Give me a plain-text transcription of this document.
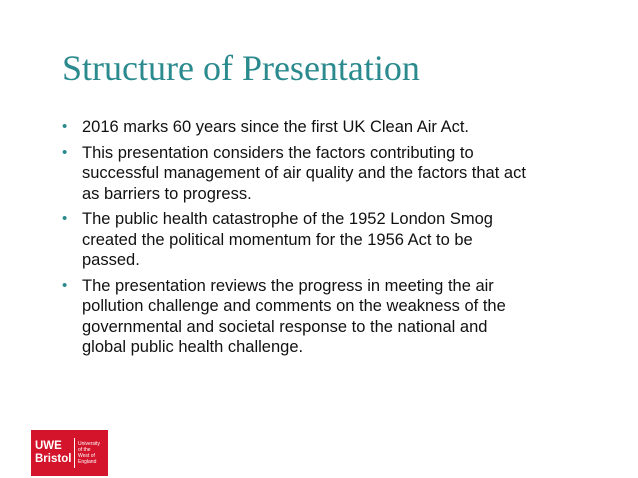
Structure of Presentation
• 2016 marks 60 years since the first UK Clean Air Act.
• This presentation considers the factors contributing to successful management of air quality and the factors that act as barriers to progress.
• The public health catastrophe of the 1952 London Smog created the political momentum for the 1956 Act to be passed.
• The presentation reviews the progress in meeting the air pollution challenge and comments on the weakness of the governmental and societal response to the national and global public health challenge.
UWE
Bristol
University
of the
West of
England
